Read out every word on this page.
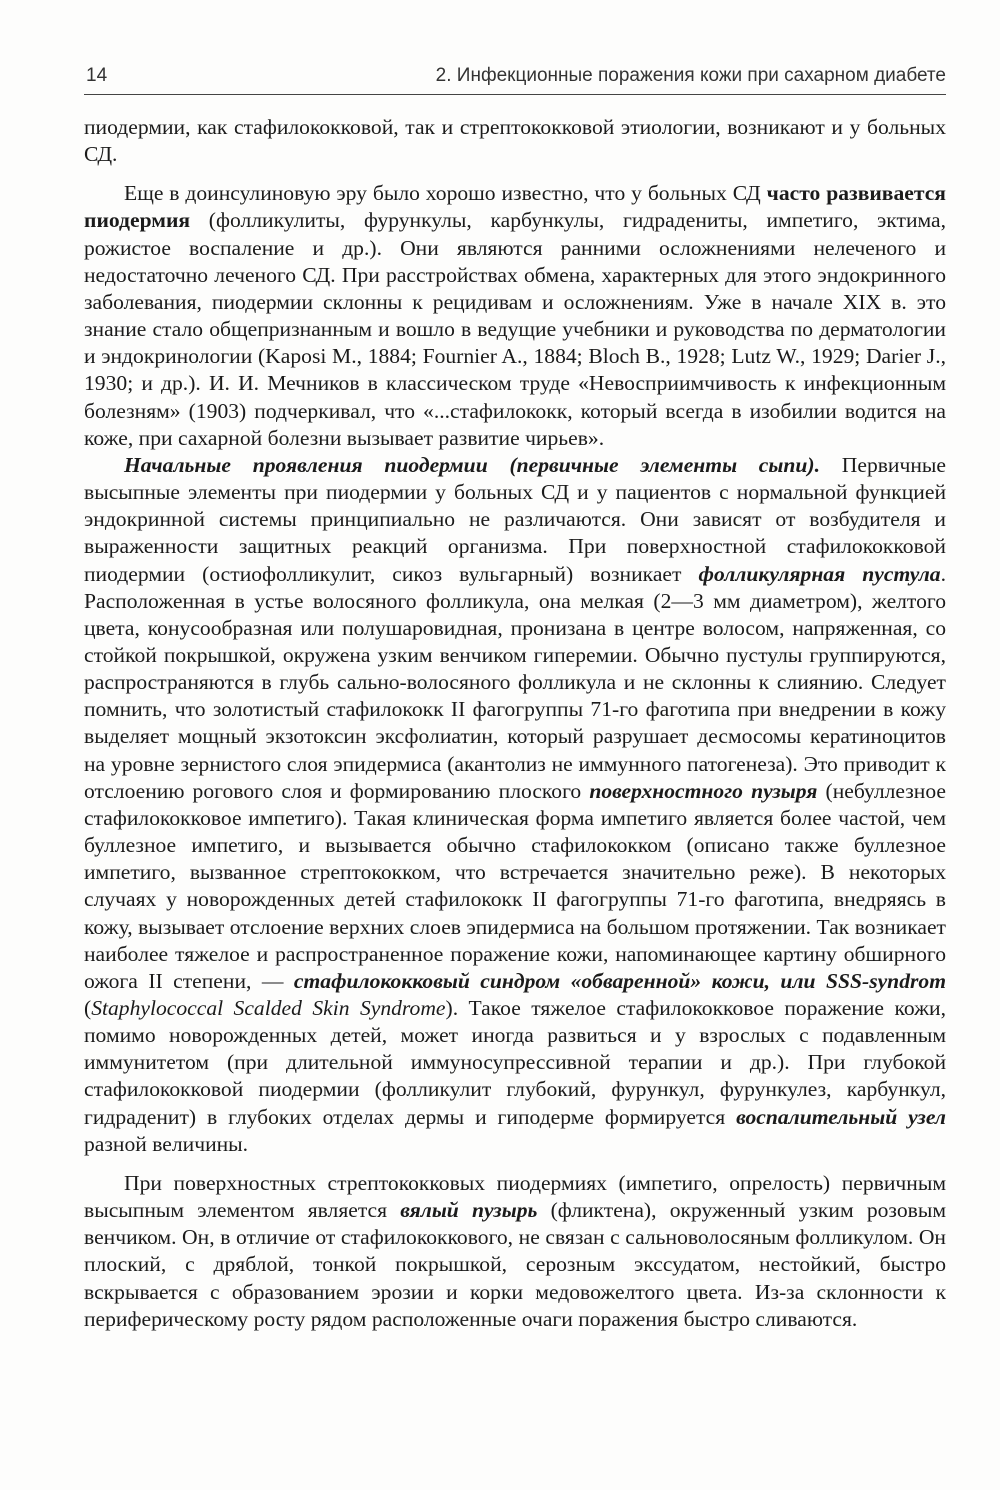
14	2. Инфекционные поражения кожи при сахарном диабете

пиодермии, как стафилококковой, так и стрептококковой этиологии, возникают и у больных СД.

Еще в доинсулиновую эру было хорошо известно, что у больных СД часто развивается пиодермия (фолликулиты, фурункулы, карбункулы, гидрадениты, импетиго, эктима, рожистое воспаление и др.). Они являются ранними осложнениями нелеченого и недостаточно леченого СД. При расстройствах обмена, характерных для этого эндокринного заболевания, пиодермии склонны к рецидивам и осложнениям. Уже в начале XIX в. это знание стало общепризнанным и вошло в ведущие учебники и руководства по дерматологии и эндокринологии (Kaposi M., 1884; Fournier A., 1884; Bloch B., 1928; Lutz W., 1929; Darier J., 1930; и др.). И. И. Мечников в классическом труде «Невосприимчивость к инфекционным болезням» (1903) подчеркивал, что «...стафилококк, который всегда в изобилии водится на коже, при сахарной болезни вызывает развитие чирьев».

Начальные проявления пиодермии (первичные элементы сыпи). Первичные высыпные элементы при пиодермии у больных СД и у пациентов с нормальной функцией эндокринной системы принципиально не различаются. Они зависят от возбудителя и выраженности защитных реакций организма. При поверхностной стафилококковой пиодермии (остиофолликулит, сикоз вульгарный) возникает фолликулярная пустула. Расположенная в устье волосяного фолликула, она мелкая (2—3 мм диаметром), желтого цвета, конусообразная или полушаровидная, пронизана в центре волосом, напряженная, со стойкой покрышкой, окружена узким венчиком гиперемии. Обычно пустулы группируются, распространяются в глубь сально-волосяного фолликула и не склонны к слиянию. Следует помнить, что золотистый стафилококк II фагогруппы 71-го фаготипа при внедрении в кожу выделяет мощный экзотоксин эксфолиатин, который разрушает десмосомы кератиноцитов на уровне зернистого слоя эпидермиса (акантолиз не иммунного патогенеза). Это приводит к отслоению рогового слоя и формированию плоского поверхностного пузыря (небуллезное стафилококковое импетиго). Такая клиническая форма импетиго является более частой, чем буллезное импетиго, и вызывается обычно стафилококком (описано также буллезное импетиго, вызванное стрептококком, что встречается значительно реже). В некоторых случаях у новорожденных детей стафилококк II фагогруппы 71-го фаготипа, внедряясь в кожу, вызывает отслоение верхних слоев эпидермиса на большом протяжении. Так возникает наиболее тяжелое и распространенное поражение кожи, напоминающее картину обширного ожога II степени, — стафилококковый синдром «обваренной» кожи, или SSS-syndrom (Staphylococcal Scalded Skin Syndrome). Такое тяжелое стафилококковое поражение кожи, помимо новорожденных детей, может иногда развиться и у взрослых с подавленным иммунитетом (при длительной иммуносупрессивной терапии и др.). При глубокой стафилококковой пиодермии (фолликулит глубокий, фурункул, фурункулез, карбункул, гидраденит) в глубоких отделах дермы и гиподерме формируется воспалительный узел разной величины.

При поверхностных стрептококковых пиодермиях (импетиго, опрелость) первичным высыпным элементом является вялый пузырь (фликтена), окруженный узким розовым венчиком. Он, в отличие от стафилококкового, не связан с сальноволосяным фолликулом. Он плоский, с дряблой, тонкой покрышкой, серозным экссудатом, нестойкий, быстро вскрывается с образованием эрозии и корки медовожелтого цвета. Из-за склонности к периферическому росту рядом расположенные очаги поражения быстро сливаются.
